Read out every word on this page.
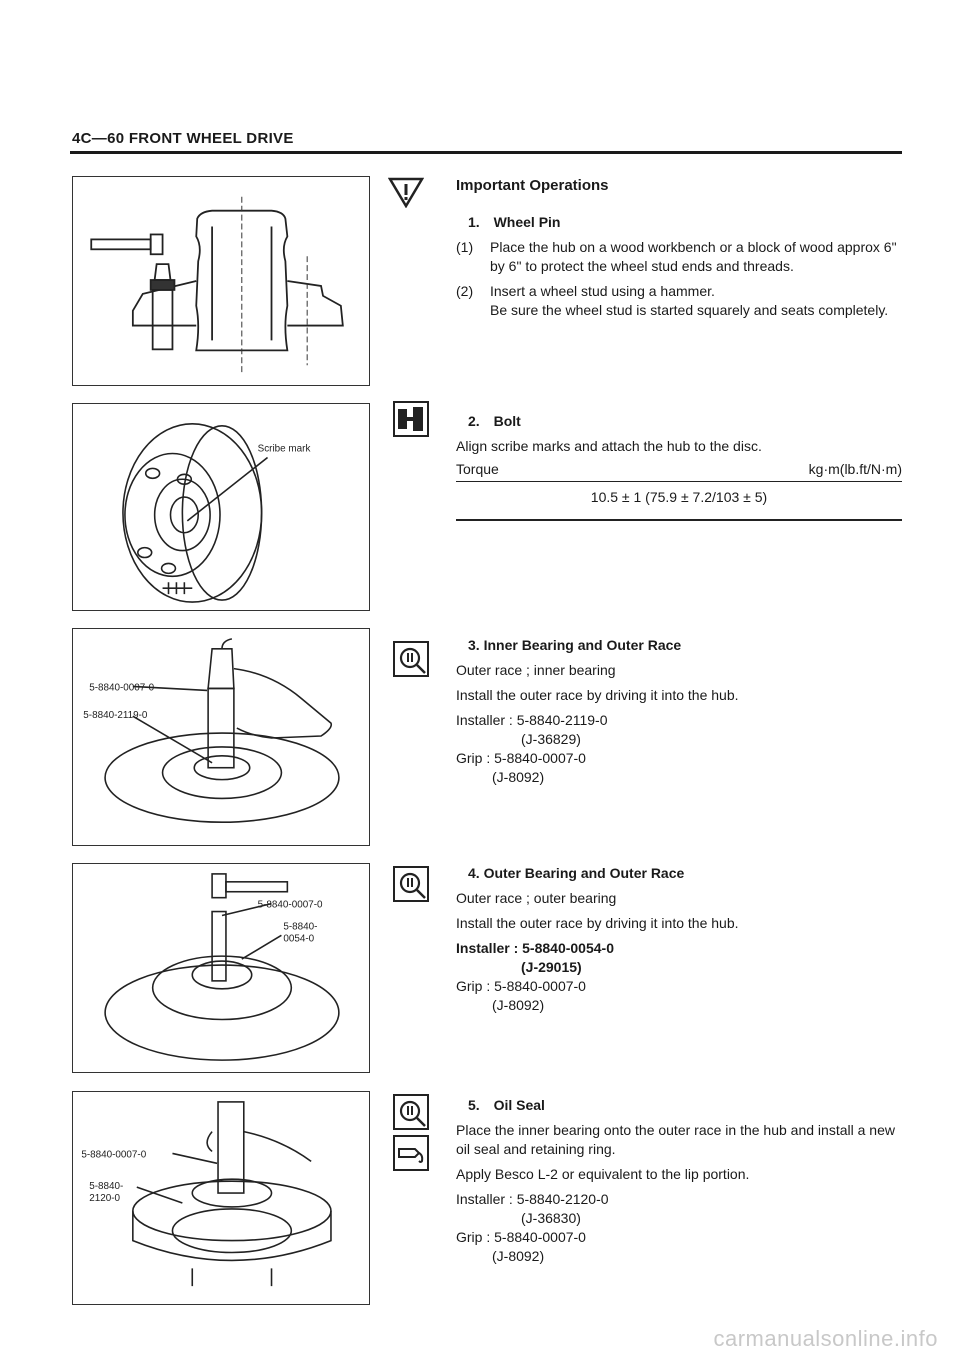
4C—60 FRONT WHEEL DRIVE
Scribe mark
5-8840-0007-0
5-8840-2119-0
5-8840-0007-0
5-8840-
0054-0
5-8840-0007-0
5-8840-
2120-0
Important Operations
1. Wheel Pin
(1)	Place the hub on a wood workbench or a block of wood approx 6" by 6" to protect the wheel stud ends and threads.
(2)	Insert a wheel stud using a hammer.
Be sure the wheel stud is started squarely and seats completely.
2. Bolt
Align scribe marks and attach the hub to the disc.
Torque	kg·m(lb.ft/N·m)
10.5 ± 1 (75.9 ± 7.2/103 ± 5)
3. Inner Bearing and Outer Race
Outer race ; inner bearing
Install the outer race by driving it into the hub.
Installer : 5-8840-2119-0
(J-36829)
Grip : 5-8840-0007-0
(J-8092)
4. Outer Bearing and Outer Race
Outer race ; outer bearing
Install the outer race by driving it into the hub.
Installer : 5-8840-0054-0
(J-29015)
Grip : 5-8840-0007-0
(J-8092)
5. Oil Seal
Place the inner bearing onto the outer race in the hub and install a new oil seal and retaining ring.
Apply Besco L-2 or equivalent to the lip portion.
Installer : 5-8840-2120-0
(J-36830)
Grip : 5-8840-0007-0
(J-8092)
carmanualsonline.info
